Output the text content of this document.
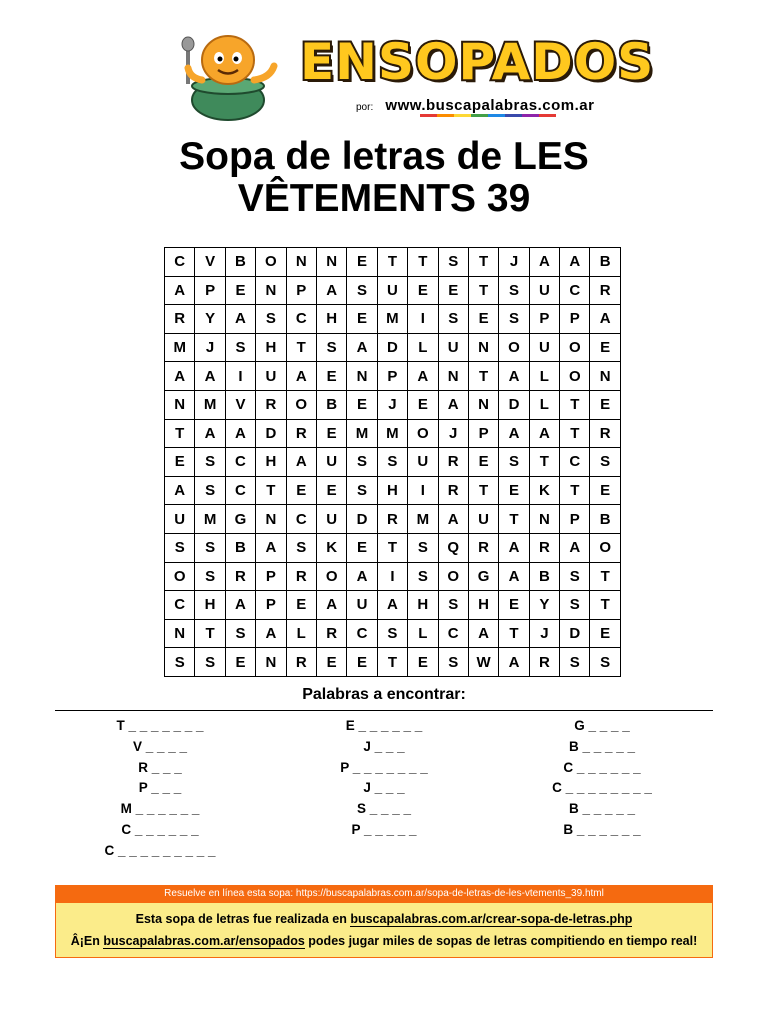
ENSOPADOS
por: www.buscapalabras.com.ar
Sopa de letras de LES
VÊTEMENTS 39
C	V	B	O	N	N	E	T	T	S	T	J	A	A	B
A	P	E	N	P	A	S	U	E	E	T	S	U	C	R
R	Y	A	S	C	H	E	M	I	S	E	S	P	P	A
M	J	S	H	T	S	A	D	L	U	N	O	U	O	E
A	A	I	U	A	E	N	P	A	N	T	A	L	O	N
N	M	V	R	O	B	E	J	E	A	N	D	L	T	E
T	A	A	D	R	E	M	M	O	J	P	A	A	T	R
E	S	C	H	A	U	S	S	U	R	E	S	T	C	S
A	S	C	T	E	E	S	H	I	R	T	E	K	T	E
U	M	G	N	C	U	D	R	M	A	U	T	N	P	B
S	S	B	A	S	K	E	T	S	Q	R	A	R	A	O
O	S	R	P	R	O	A	I	S	O	G	A	B	S	T
C	H	A	P	E	A	U	A	H	S	H	E	Y	S	T
N	T	S	A	L	R	C	S	L	C	A	T	J	D	E
S	S	E	N	R	E	E	T	E	S	W	A	R	S	S
Palabras a encontrar:
T _ _ _ _ _ _ _
V _ _ _ _
R _ _ _
P _ _ _
M _ _ _ _ _ _
C _ _ _ _ _ _
C _ _ _ _ _ _ _ _ _
E _ _ _ _ _ _
J _ _ _
P _ _ _ _ _ _ _
J _ _ _
S _ _ _ _
P _ _ _ _ _
G _ _ _ _
B _ _ _ _ _
C _ _ _ _ _ _
C _ _ _ _ _ _ _ _
B _ _ _ _ _
B _ _ _ _ _ _
Resuelve en línea esta sopa: https://buscapalabras.com.ar/sopa-de-letras-de-les-vtements_39.html
Esta sopa de letras fue realizada en buscapalabras.com.ar/crear-sopa-de-letras.php
Â¡En buscapalabras.com.ar/ensopados podes jugar miles de sopas de letras compitiendo en tiempo real!
